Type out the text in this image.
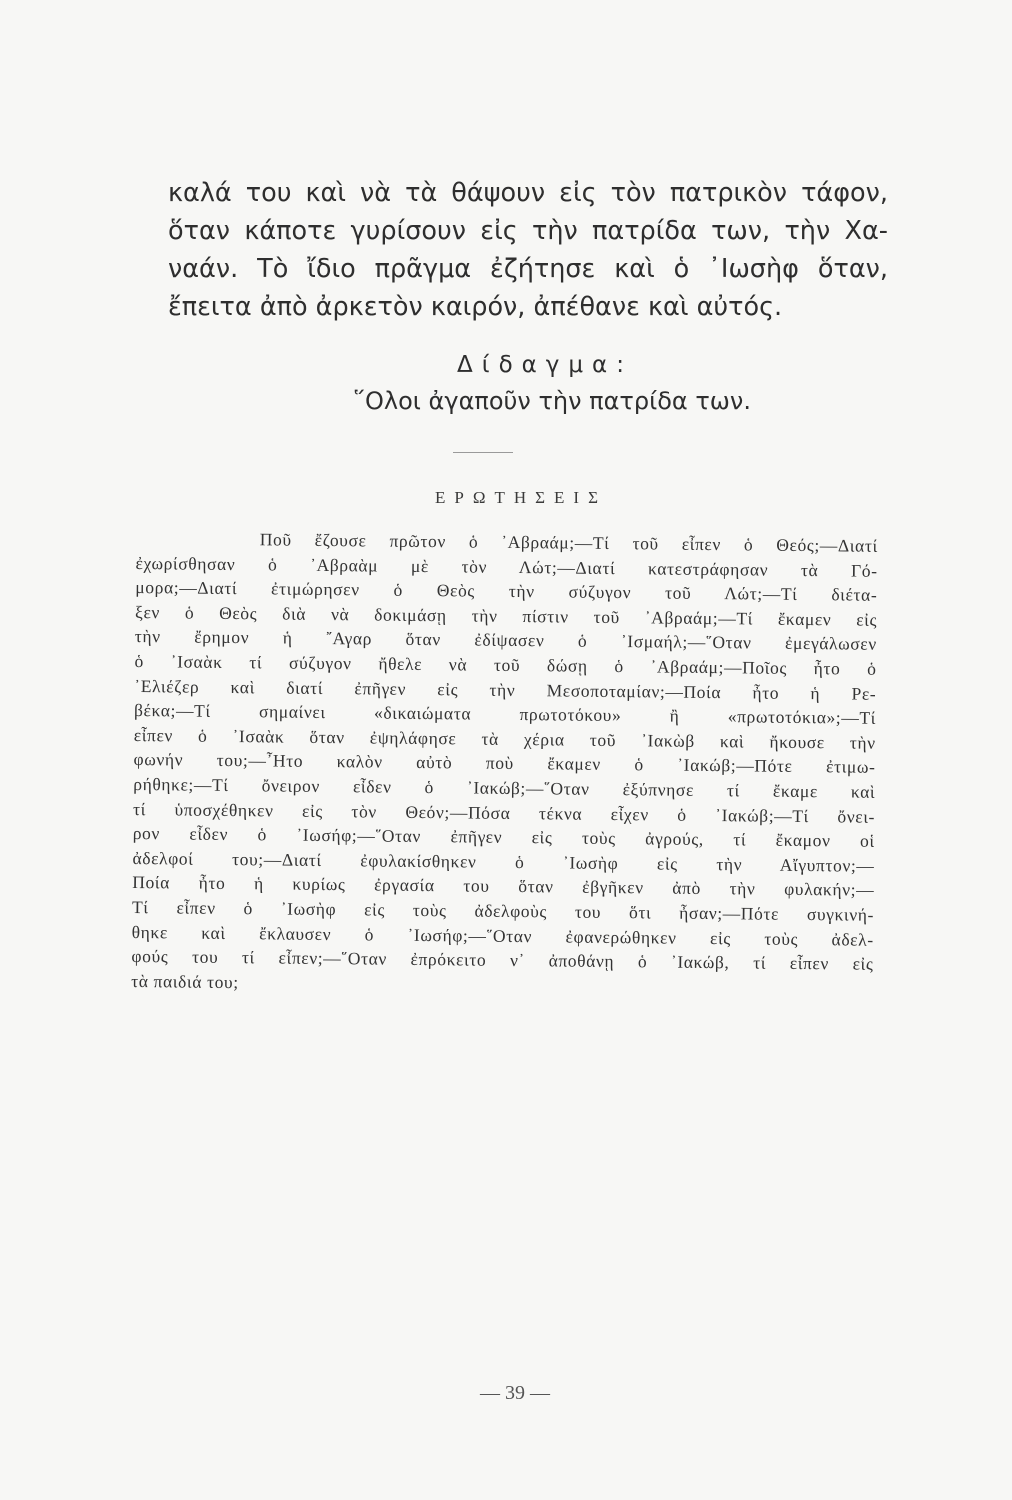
καλά του καὶ νὰ τὰ θάψουν εἰς τὸν πατρικὸν τάφον,
ὅταν κάποτε γυρίσουν εἰς τὴν πατρίδα των, τὴν Χα-
ναάν. Τὸ ἴδιο πρᾶγμα ἐζήτησε καὶ ὁ ᾿Ιωσὴφ ὅταν,
ἔπειτα ἀπὸ ἀρκετὸν καιρόν, ἀπέθανε καὶ αὐτός.
Δίδαγμα:
῞Ολοι ἀγαποῦν τὴν πατρίδα των.
ΕΡΩΤΗΣΕΙΣ
Ποῦ ἔζουσε πρῶτον ὁ ᾿Αβραάμ;—Τί τοῦ εἶπεν ὁ Θεός;—Διατί
ἐχωρίσθησαν ὁ ᾿Αβραὰμ μὲ τὸν Λώτ;—Διατί κατεστράφησαν τὰ Γό-
μορα;—Διατί ἐτιμώρησεν ὁ Θεὸς τὴν σύζυγον τοῦ Λώτ;—Τί διέτα-
ξεν ὁ Θεὸς διὰ νὰ δοκιμάσῃ τὴν πίστιν τοῦ ᾿Αβραάμ;—Τί ἔκαμεν εἰς
τὴν ἔρημον ἡ ῎Αγαρ ὅταν ἐδίψασεν ὁ ᾿Ισμαήλ;—῞Οταν ἐμεγάλωσεν
ὁ ᾿Ισαὰκ τί σύζυγον ἤθελε νὰ τοῦ δώσῃ ὁ ᾿Αβραάμ;—Ποῖος ἦτο ὁ
᾿Ελιέζερ καὶ διατί ἐπῆγεν εἰς τὴν Μεσοποταμίαν;—Ποία ἦτο ἡ Ρε-
βέκα;—Τί σημαίνει «δικαιώματα πρωτοτόκου» ἢ «πρωτοτόκια»;—Τί
εἶπεν ὁ ᾿Ισαὰκ ὅταν ἐψηλάφησε τὰ χέρια τοῦ ᾿Ιακὼβ καὶ ἤκουσε τὴν
φωνήν του;—῏Ητο καλὸν αὐτὸ ποὺ ἔκαμεν ὁ ᾿Ιακώβ;—Πότε ἐτιμω-
ρήθηκε;—Τί ὄνειρον εἶδεν ὁ ᾿Ιακώβ;—῞Οταν ἐξύπνησε τί ἔκαμε καὶ
τί ὑποσχέθηκεν εἰς τὸν Θεόν;—Πόσα τέκνα εἶχεν ὁ ᾿Ιακώβ;—Τί ὄνει-
ρον εἶδεν ὁ ᾿Ιωσήφ;—῞Οταν ἐπῆγεν εἰς τοὺς ἀγρούς, τί ἔκαμον οἱ
ἀδελφοί του;—Διατί ἐφυλακίσθηκεν ὁ ᾿Ιωσὴφ εἰς τὴν Αἴγυπτον;—
Ποία ἦτο ἡ κυρίως ἐργασία του ὅταν ἐβγῆκεν ἀπὸ τὴν φυλακήν;—
Τί εἶπεν ὁ ᾿Ιωσὴφ εἰς τοὺς ἀδελφοὺς του ὅτι ἦσαν;—Πότε συγκινή-
θηκε καὶ ἔκλαυσεν ὁ ᾿Ιωσήφ;—῞Οταν ἐφανερώθηκεν εἰς τοὺς ἀδελ-
φούς του τί εἶπεν;—῞Οταν ἐπρόκειτο ν᾿ ἀποθάνῃ ὁ ᾿Ιακώβ, τί εἶπεν εἰς
τὰ παιδιά του;
— 39 —
